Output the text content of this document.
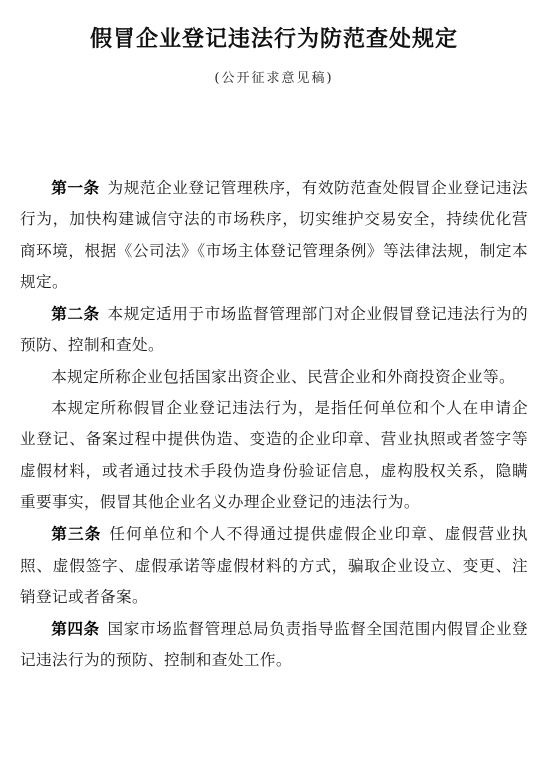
假冒企业登记违法行为防范查处规定
(公开征求意见稿)

第一条 为规范企业登记管理秩序，有效防范查处假冒企业登记违法行为，加快构建诚信守法的市场秩序，切实维护交易安全，持续优化营商环境，根据《公司法》《市场主体登记管理条例》等法律法规，制定本规定。

第二条 本规定适用于市场监督管理部门对企业假冒登记违法行为的预防、控制和查处。

本规定所称企业包括国家出资企业、民营企业和外商投资企业等。

本规定所称假冒企业登记违法行为，是指任何单位和个人在申请企业登记、备案过程中提供伪造、变造的企业印章、营业执照或者签字等虚假材料，或者通过技术手段伪造身份验证信息，虚构股权关系，隐瞒重要事实，假冒其他企业名义办理企业登记的违法行为。

第三条 任何单位和个人不得通过提供虚假企业印章、虚假营业执照、虚假签字、虚假承诺等虚假材料的方式，骗取企业设立、变更、注销登记或者备案。

第四条 国家市场监督管理总局负责指导监督全国范围内假冒企业登记违法行为的预防、控制和查处工作。
